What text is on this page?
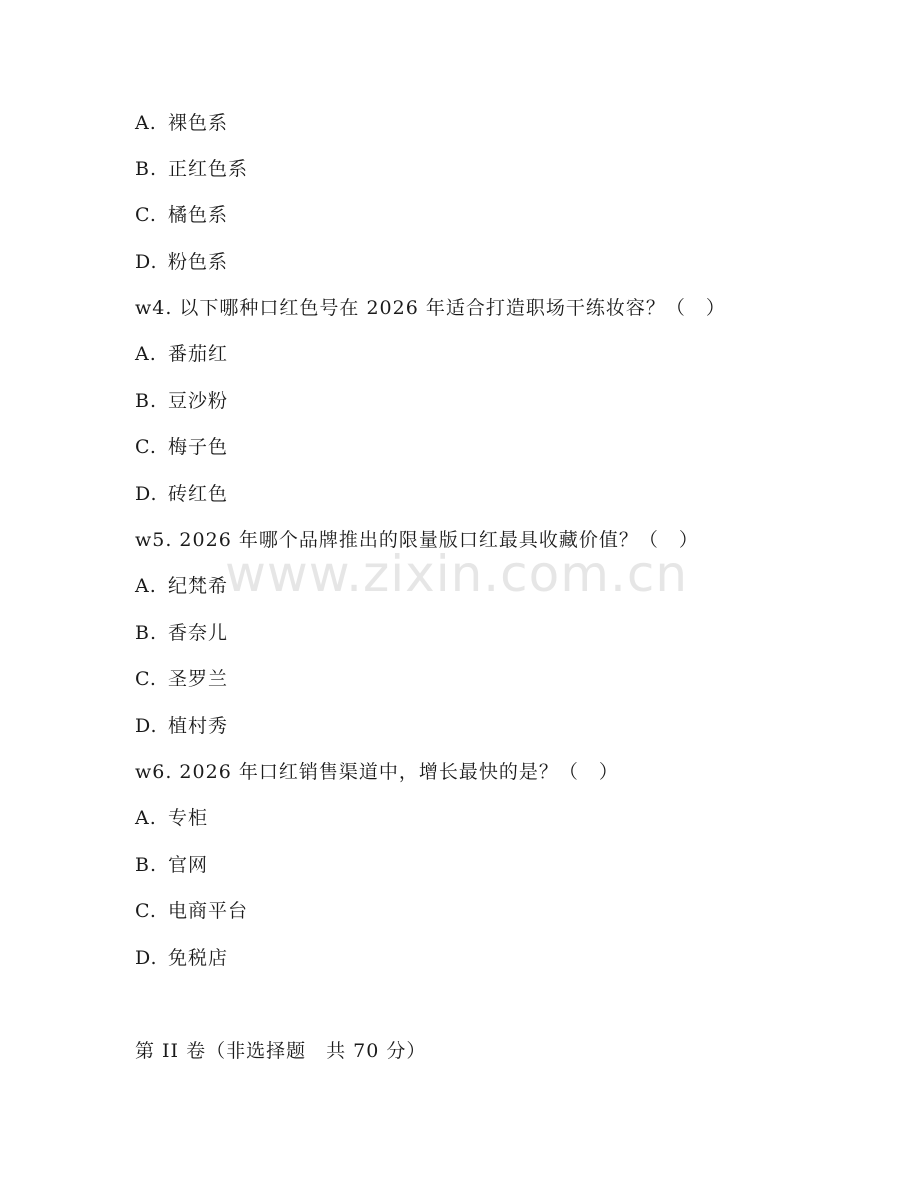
A. 裸色系
B. 正红色系
C. 橘色系
D. 粉色系
w4. 以下哪种口红色号在 2026 年适合打造职场干练妆容？（　）
A. 番茄红
B. 豆沙粉
C. 梅子色
D. 砖红色
w5. 2026 年哪个品牌推出的限量版口红最具收藏价值？（　）
A. 纪梵希
B. 香奈儿
C. 圣罗兰
D. 植村秀
w6. 2026 年口红销售渠道中，增长最快的是？（　）
A. 专柜
B. 官网
C. 电商平台
D. 免税店
第 II 卷（非选择题　共 70 分）
www.zixin.com.cn
